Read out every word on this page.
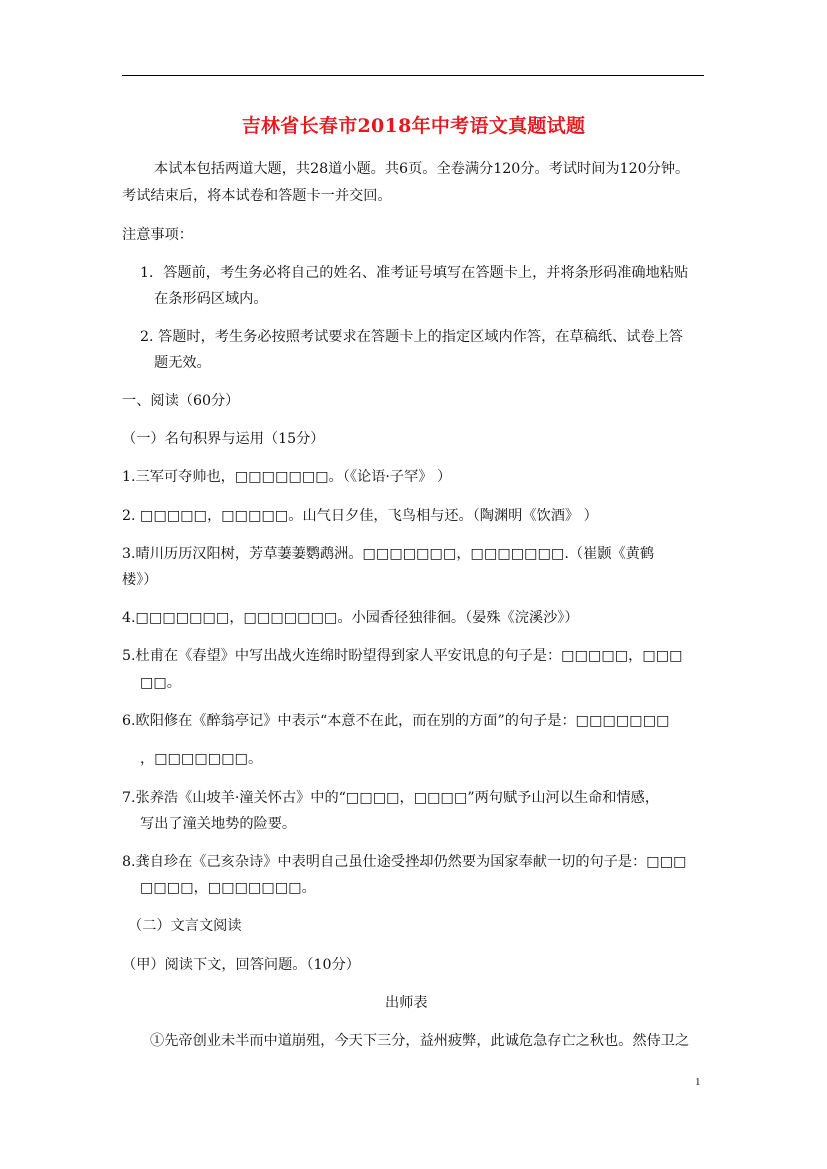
吉林省长春市2018年中考语文真题试题
本试本包括两道大题，共28道小题。共6页。全卷满分120分。考试时间为120分钟。
考试结束后，将本试卷和答题卡一并交回。
注意事项：
1．答题前，考生务必将自己的姓名、准考证号填写在答题卡上，并将条形码准确地粘贴
在条形码区域内。
2. 答题时，考生务必按照考试要求在答题卡上的指定区域内作答，在草稿纸、试卷上答
题无效。
一、阅读（60分）
（一）名句积界与运用（15分）
1.三军可夺帅也，□□□□□□□。（《论语·子罕》 ）
2. □□□□□，□□□□□。山气日夕佳，飞鸟相与还。（陶渊明《饮酒》 ）
3.晴川历历汉阳树，芳草萋萋鹦鹉洲。□□□□□□□，□□□□□□□.（崔颢《黄鹤
楼》）
4.□□□□□□□，□□□□□□□。小园香径独徘徊。（晏殊《浣溪沙》）
5.杜甫在《春望》中写出战火连绵时盼望得到家人平安讯息的句子是：□□□□□，□□□
□□。
6.欧阳修在《醉翁亭记》中表示“本意不在此，而在别的方面”的句子是：□□□□□□□
，□□□□□□□。
7.张养浩《山坡羊·潼关怀古》中的“□□□□，□□□□”两句赋予山河以生命和情感，
写出了潼关地势的险要。
8.龚自珍在《己亥杂诗》中表明自己虽仕途受挫却仍然要为国家奉献一切的句子是：□□□
□□□□，□□□□□□□。
（二）文言文阅读
（甲）阅读下文，回答问题。（10分）
出师表
①先帝创业未半而中道崩殂，今天下三分，益州疲弊，此诚危急存亡之秋也。然侍卫之
1
